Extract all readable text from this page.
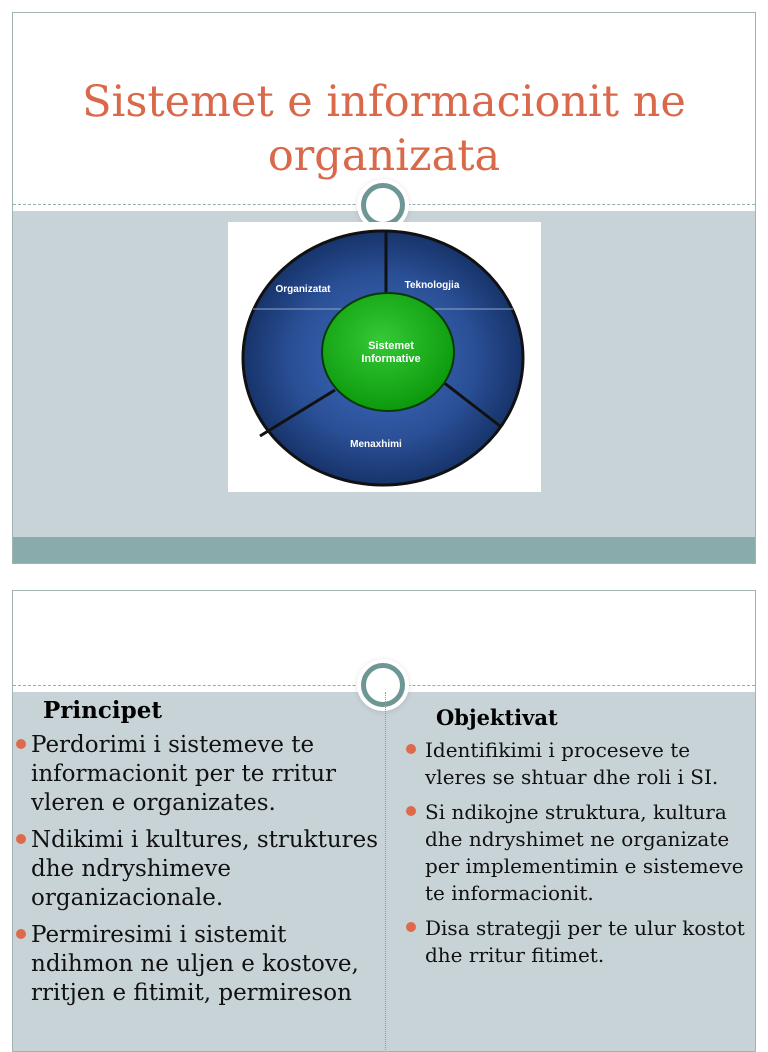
Sistemet e informacionit ne organizata
Sistemet
Informative
Organizatat	Teknologjia
Menaxhimi
Principet
Perdorimi i sistemeve te informacionit per te rritur vleren e organizates.
Ndikimi i kultures, struktures dhe ndryshimeve organizacionale.
Permiresimi i sistemit ndihmon ne uljen e kostove, rritjen e fitimit, permireson
Objektivat
Identifikimi i proceseve te vleres se shtuar dhe roli i SI.
Si ndikojne struktura, kultura dhe ndryshimet ne organizate per implementimin e sistemeve te informacionit.
Disa strategji per te ulur kostot dhe rritur fitimet.
